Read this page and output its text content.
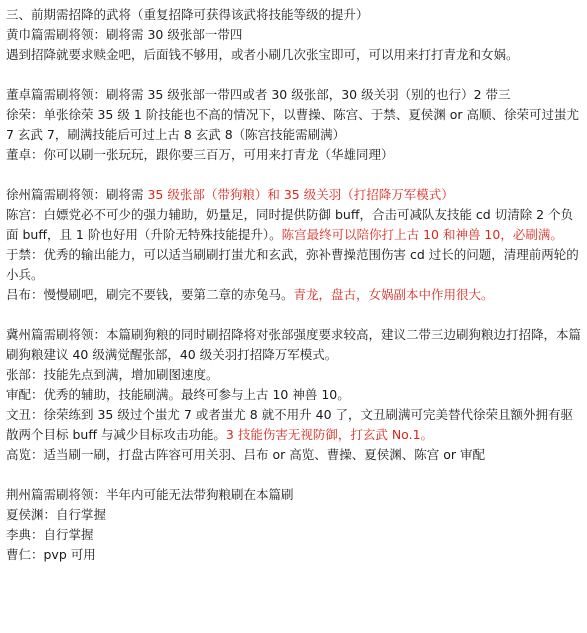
三、前期需招降的武将（重复招降可获得该武将技能等级的提升）

黄巾篇需刷将领：刷将需 30 级张部一带四

遇到招降就要求赎金吧，后面钱不够用，或者小刷几次张宝即可，可以用来打打青龙和女娲。

董卓篇需刷将领：刷将需 35 级张部一带四或者 30 级张部，30 级关羽（别的也行）2 带三

徐荣：单张徐荣 35 级 1 阶技能也不高的情况下，以曹操、陈宫、于禁、夏侯渊 or 高顺、徐荣可过蚩尤 7 玄武 7，刷满技能后可过上古 8 玄武 8（陈宫技能需刷满）

董卓：你可以刷一张玩玩，跟你要三百万，可用来打青龙（华雄同理）

徐州篇需刷将领：刷将需 35 级张部（带狗粮）和 35 级关羽（打招降万军模式）

陈宫：白嫖党必不可少的强力辅助，奶量足，同时提供防御 buff，合击可减队友技能 cd 切清除 2 个负面 buff，且 1 阶也好用（升阶无特殊技能提升）。陈宫最终可以陪你打上古 10 和神兽 10，必刷满。

于禁：优秀的输出能力，可以适当刷刷打蚩尤和玄武，弥补曹操范围伤害 cd 过长的问题，清理前两轮的小兵。

吕布：慢慢刷吧，刷完不要钱，要第二章的赤兔马。青龙，盘古，女娲副本中作用很大。

冀州篇需刷将领：本篇刷狗粮的同时刷招降将对张部强度要求较高，建议二带三边刷狗粮边打招降，本篇刷狗粮建议 40 级满觉醒张部，40 级关羽打招降万军模式。

张部：技能先点到满，增加刷图速度。

审配：优秀的辅助，技能刷满。最终可参与上古 10 神兽 10。

文丑：徐荣练到 35 级过个蚩尤 7 或者蚩尤 8 就不用升 40 了，文丑刷满可完美替代徐荣且额外拥有驱散两个目标 buff 与减少目标攻击功能。3 技能伤害无视防御，打玄武 No.1。

高览：适当刷一刷，打盘古阵容可用关羽、吕布 or 高览、曹操、夏侯渊、陈宫 or 审配

荆州篇需刷将领：半年内可能无法带狗粮刷在本篇刷

夏侯渊：自行掌握

李典：自行掌握

曹仁：pvp 可用
